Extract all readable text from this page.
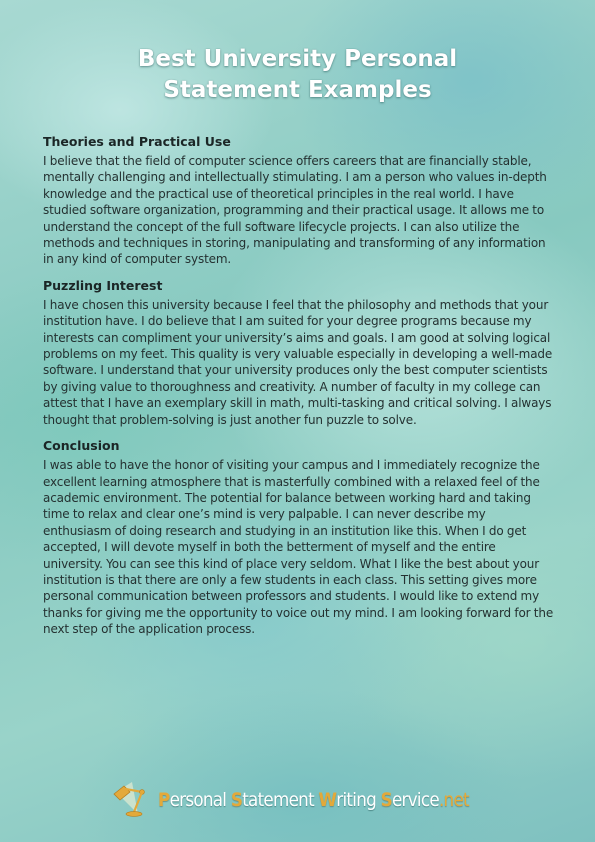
Best University Personal
Statement Examples

Theories and Practical Use

I believe that the field of computer science offers careers that are financially stable, mentally challenging and intellectually stimulating. I am a person who values in-depth knowledge and the practical use of theoretical principles in the real world. I have studied software organization, programming and their practical usage. It allows me to understand the concept of the full software lifecycle projects. I can also utilize the methods and techniques in storing, manipulating and transforming of any information in any kind of computer system.

Puzzling Interest

I have chosen this university because I feel that the philosophy and methods that your institution have. I do believe that I am suited for your degree programs because my interests can compliment your university’s aims and goals. I am good at solving logical problems on my feet. This quality is very valuable especially in developing a well-made software. I understand that your university produces only the best computer scientists by giving value to thoroughness and creativity. A number of faculty in my college can attest that I have an exemplary skill in math, multi-tasking and critical solving. I always thought that problem-solving is just another fun puzzle to solve.

Conclusion

I was able to have the honor of visiting your campus and I immediately recognize the excellent learning atmosphere that is masterfully combined with a relaxed feel of the academic environment. The potential for balance between working hard and taking time to relax and clear one’s mind is very palpable. I can never describe my enthusiasm of doing research and studying in an institution like this. When I do get accepted, I will devote myself in both the betterment of myself and the entire university. You can see this kind of place very seldom. What I like the best about your institution is that there are only a few students in each class. This setting gives more personal communication between professors and students. I would like to extend my thanks for giving me the opportunity to voice out my mind. I am looking forward for the next step of the application process.

Personal Statement Writing Service.net
